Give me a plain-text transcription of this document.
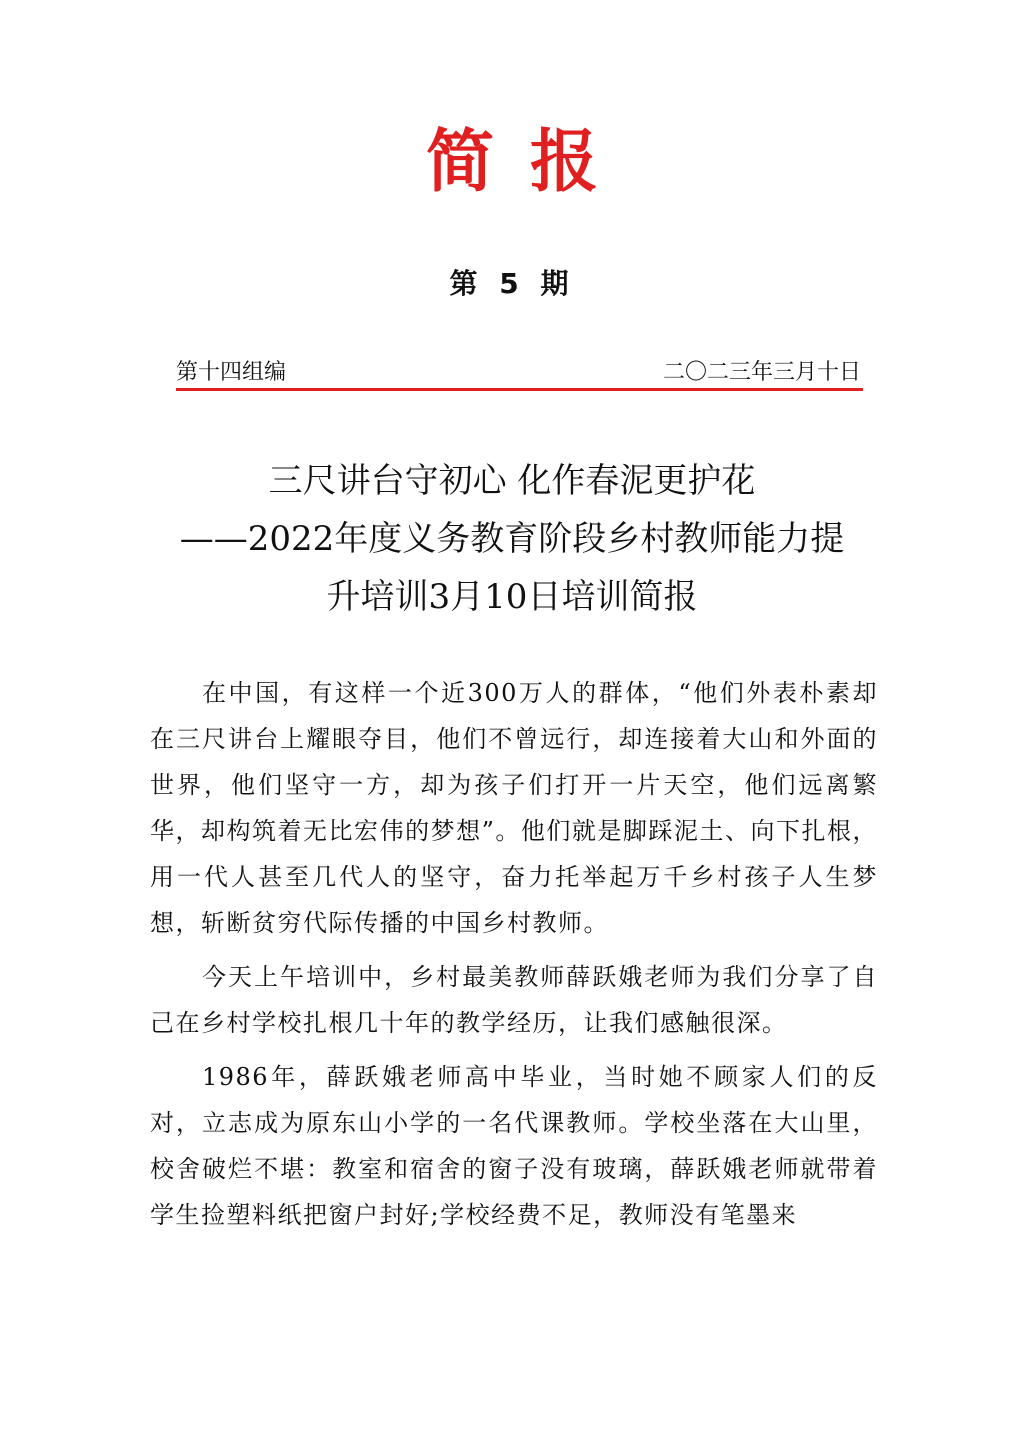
简报
第 5 期
第十四组编	二〇二三年三月十日
三尺讲台守初心 化作春泥更护花
——2022年度义务教育阶段乡村教师能力提
升培训3月10日培训简报

在中国，有这样一个近300万人的群体，“他们外表朴素却在三尺讲台上耀眼夺目，他们不曾远行，却连接着大山和外面的世界，他们坚守一方，却为孩子们打开一片天空，他们远离繁华，却构筑着无比宏伟的梦想”。他们就是脚踩泥土、向下扎根，用一代人甚至几代人的坚守，奋力托举起万千乡村孩子人生梦想，斩断贫穷代际传播的中国乡村教师。

今天上午培训中，乡村最美教师薛跃娥老师为我们分享了自己在乡村学校扎根几十年的教学经历，让我们感触很深。

1986年，薛跃娥老师高中毕业，当时她不顾家人们的反对，立志成为原东山小学的一名代课教师。学校坐落在大山里，校舍破烂不堪：教室和宿舍的窗子没有玻璃，薛跃娥老师就带着学生捡塑料纸把窗户封好;学校经费不足，教师没有笔墨来
